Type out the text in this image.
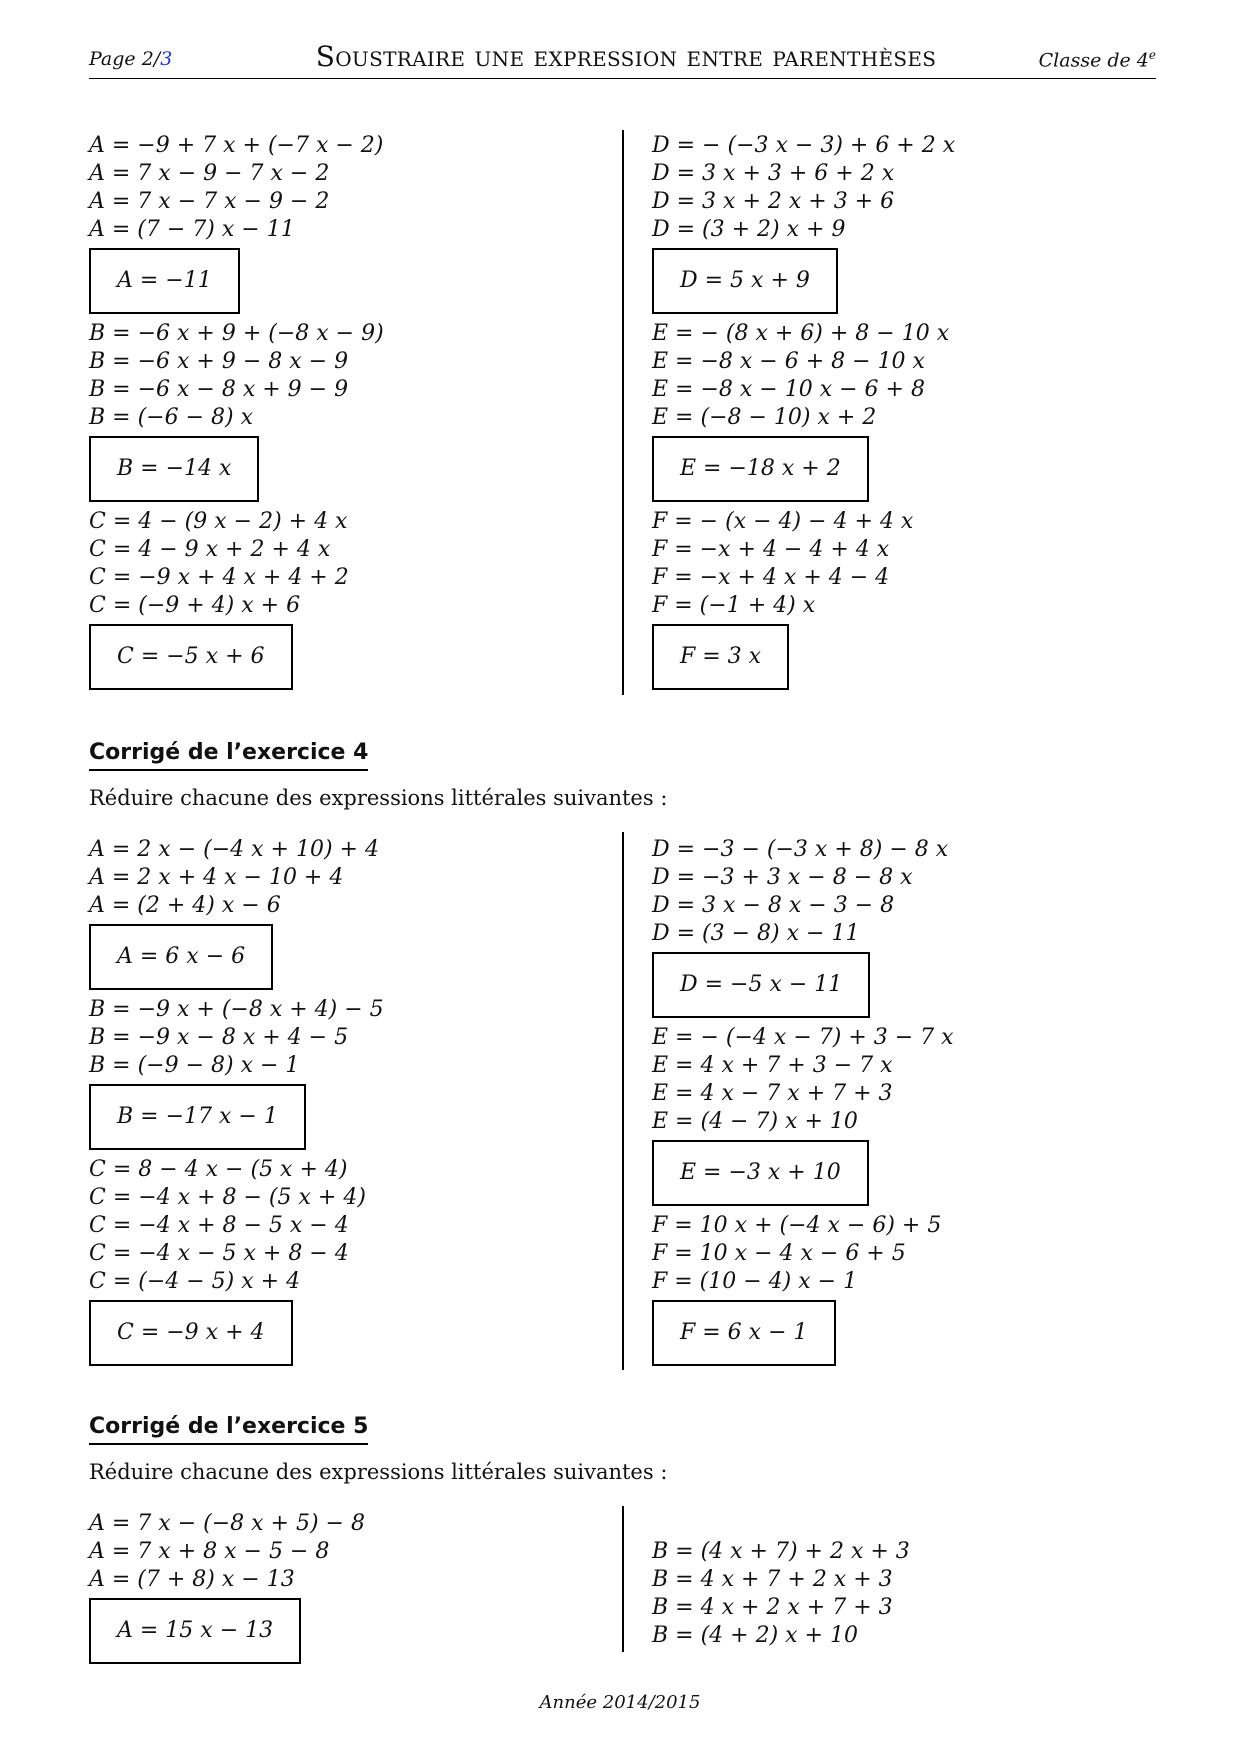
Page 2/3	Soustraire une expression entre parenthèses	Classe de 4e
A = −9 + 7 x + (−7 x − 2)
A = 7 x − 9 − 7 x − 2
A = 7 x − 7 x − 9 − 2
A = (7 − 7) x − 11
A = −11
B = −6 x + 9 + (−8 x − 9)
B = −6 x + 9 − 8 x − 9
B = −6 x − 8 x + 9 − 9
B = (−6 − 8) x
B = −14 x
C = 4 − (9 x − 2) + 4 x
C = 4 − 9 x + 2 + 4 x
C = −9 x + 4 x + 4 + 2
C = (−9 + 4) x + 6
C = −5 x + 6
D = − (−3 x − 3) + 6 + 2 x
D = 3 x + 3 + 6 + 2 x
D = 3 x + 2 x + 3 + 6
D = (3 + 2) x + 9
D = 5 x + 9
E = − (8 x + 6) + 8 − 10 x
E = −8 x − 6 + 8 − 10 x
E = −8 x − 10 x − 6 + 8
E = (−8 − 10) x + 2
E = −18 x + 2
F = − (x − 4) − 4 + 4 x
F = −x + 4 − 4 + 4 x
F = −x + 4 x + 4 − 4
F = (−1 + 4) x
F = 3 x
Corrigé de l’exercice 4
Réduire chacune des expressions littérales suivantes :
A = 2 x − (−4 x + 10) + 4
A = 2 x + 4 x − 10 + 4
A = (2 + 4) x − 6
A = 6 x − 6
B = −9 x + (−8 x + 4) − 5
B = −9 x − 8 x + 4 − 5
B = (−9 − 8) x − 1
B = −17 x − 1
C = 8 − 4 x − (5 x + 4)
C = −4 x + 8 − (5 x + 4)
C = −4 x + 8 − 5 x − 4
C = −4 x − 5 x + 8 − 4
C = (−4 − 5) x + 4
C = −9 x + 4
D = −3 − (−3 x + 8) − 8 x
D = −3 + 3 x − 8 − 8 x
D = 3 x − 8 x − 3 − 8
D = (3 − 8) x − 11
D = −5 x − 11
E = − (−4 x − 7) + 3 − 7 x
E = 4 x + 7 + 3 − 7 x
E = 4 x − 7 x + 7 + 3
E = (4 − 7) x + 10
E = −3 x + 10
F = 10 x + (−4 x − 6) + 5
F = 10 x − 4 x − 6 + 5
F = (10 − 4) x − 1
F = 6 x − 1
Corrigé de l’exercice 5
Réduire chacune des expressions littérales suivantes :
A = 7 x − (−8 x + 5) − 8
A = 7 x + 8 x − 5 − 8
A = (7 + 8) x − 13
A = 15 x − 13
B = (4 x + 7) + 2 x + 3
B = 4 x + 7 + 2 x + 3
B = 4 x + 2 x + 7 + 3
B = (4 + 2) x + 10
Année 2014/2015
